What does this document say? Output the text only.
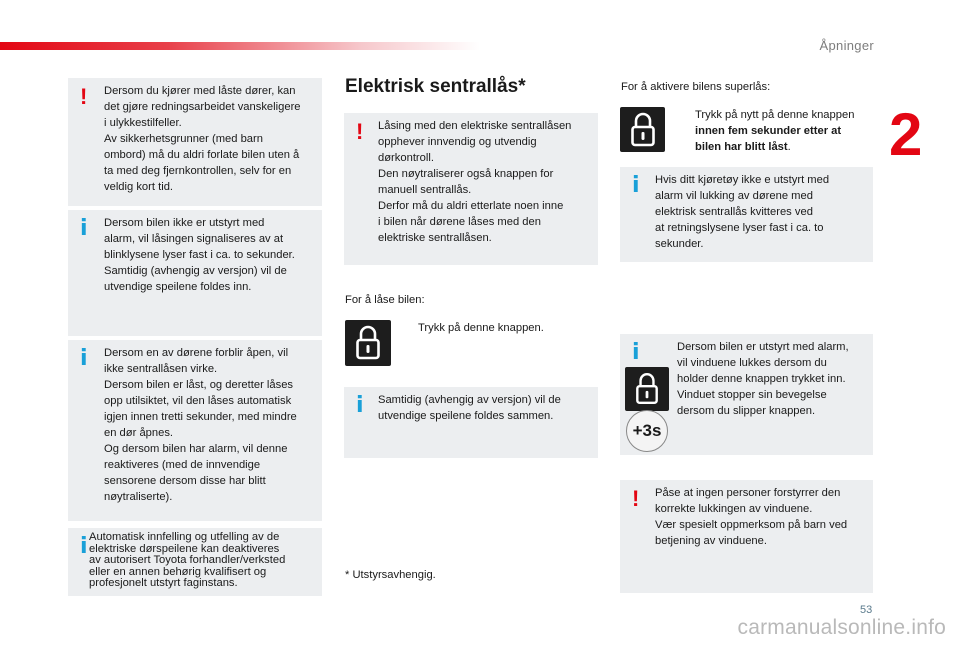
Åpninger
2
! Dersom du kjører med låste dører, kan
det gjøre redningsarbeidet vanskeligere
i ulykkestilfeller.
Av sikkerhetsgrunner (med barn
ombord) må du aldri forlate bilen uten å
ta med deg fjernkontrollen, selv for en
veldig kort tid.
i Dersom bilen ikke er utstyrt med
alarm, vil låsingen signaliseres av at
blinklysene lyser fast i ca. to sekunder.
Samtidig (avhengig av versjon) vil de
utvendige speilene foldes inn.
i Dersom en av dørene forblir åpen, vil
ikke sentrallåsen virke.
Dersom bilen er låst, og deretter låses
opp utilsiktet, vil den låses automatisk
igjen innen tretti sekunder, med mindre
en dør åpnes.
Og dersom bilen har alarm, vil denne
reaktiveres (med de innvendige
sensorene dersom disse har blitt
nøytraliserte).
i Automatisk innfelling og utfelling av de
elektriske dørspeilene kan deaktiveres
av autorisert Toyota forhandler/verksted
eller en annen behørig kvalifisert og
profesjonelt utstyrt faginstans.
Elektrisk sentrallås*
! Låsing med den elektriske sentrallåsen
opphever innvendig og utvendig
dørkontroll.
Den nøytraliserer også knappen for
manuell sentrallås.
Derfor må du aldri etterlate noen inne
i bilen når dørene låses med den
elektriske sentrallåsen.
For å låse bilen:
Trykk på denne knappen.
i Samtidig (avhengig av versjon) vil de
utvendige speilene foldes sammen.
* Utstyrsavhengig.
For å aktivere bilens superlås:
Trykk på nytt på denne knappen
innen fem sekunder etter at
bilen har blitt låst.
i Hvis ditt kjøretøy ikke e utstyrt med
alarm vil lukking av dørene med
elektrisk sentrallås kvitteres ved
at retningslysene lyser fast i ca. to
sekunder.
i	Dersom bilen er utstyrt med alarm,
vil vinduene lukkes dersom du
holder denne knappen trykket inn.
Vinduet stopper sin bevegelse
dersom du slipper knappen.
+3s
! Påse at ingen personer forstyrrer den
korrekte lukkingen av vinduene.
Vær spesielt oppmerksom på barn ved
betjening av vinduene.
53
carmanualsonline.info
